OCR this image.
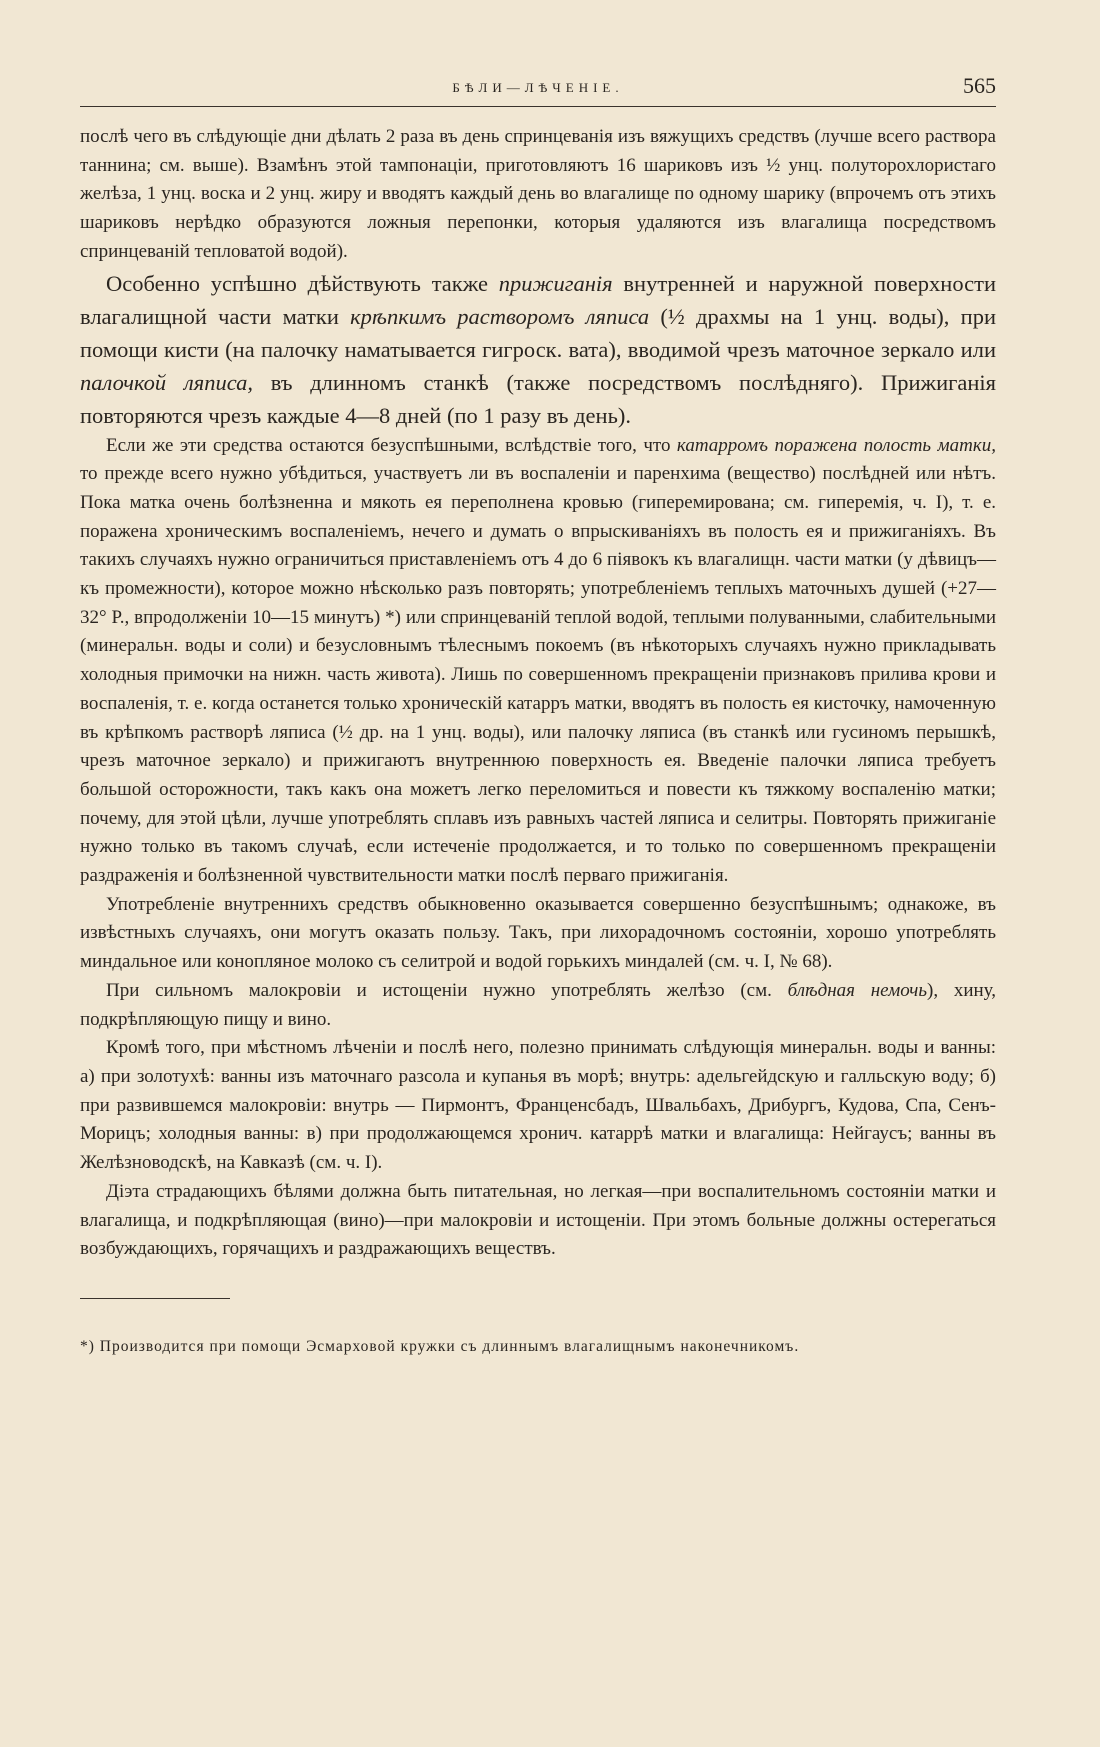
БѢЛИ—ЛѢЧЕНІЕ.	565

послѣ чего въ слѣдующіе дни дѣлать 2 раза въ день спринцеванія изъ вяжущихъ средствъ (лучше всего раствора таннина; см. выше). Взамѣнъ этой тампонаціи, приготовляютъ 16 шариковъ изъ ½ унц. полуторохлористаго желѣза, 1 унц. воска и 2 унц. жиру и вводятъ каждый день во влагалище по одному шарику (впрочемъ отъ этихъ шариковъ нерѣдко образуются ложныя перепонки, которыя удаляются изъ влагалища посредствомъ спринцеваній тепловатой водой).

Особенно успѣшно дѣйствують также прижиганія внутренней и наружной поверхности влагалищной части матки крѣпкимъ растворомъ ляписа (½ драхмы на 1 унц. воды), при помощи кисти (на палочку наматывается гигроск. вата), вводимой чрезъ маточное зеркало или палочкой ляписа, въ длинномъ станкѣ (также посредствомъ послѣдняго). Прижиганія повторяются чрезъ каждые 4—8 дней (по 1 разу въ день).

Если же эти средства остаются безуспѣшными, вслѣдствіе того, что катарромъ поражена полость матки, то прежде всего нужно убѣдиться, участвуетъ ли въ воспаленіи и паренхима (вещество) послѣдней или нѣтъ. Пока матка очень болѣзненна и мякоть ея переполнена кровью (гиперемирована; см. гиперемія, ч. I), т. е. поражена хроническимъ воспаленіемъ, нечего и думать о впрыскиваніяхъ въ полость ея и прижиганіяхъ. Въ такихъ случаяхъ нужно ограничиться приставленіемъ отъ 4 до 6 піявокъ къ влагалищн. части матки (у дѣвицъ—къ промежности), которое можно нѣсколько разъ повторять; употребленіемъ теплыхъ маточныхъ душей (+27—32° Р., впродолженіи 10—15 минутъ) *) или спринцеваній теплой водой, теплыми полуванными, слабительными (минеральн. воды и соли) и безусловнымъ тѣлеснымъ покоемъ (въ нѣкоторыхъ случаяхъ нужно прикладывать холодныя примочки на нижн. часть живота). Лишь по совершенномъ прекращеніи признаковъ прилива крови и воспаленія, т. е. когда останется только хроническій катарръ матки, вводятъ въ полость ея кисточку, намоченную въ крѣпкомъ растворѣ ляписа (½ др. на 1 унц. воды), или палочку ляписа (въ станкѣ или гусиномъ перышкѣ, чрезъ маточное зеркало) и прижигаютъ внутреннюю поверхность ея. Введеніе палочки ляписа требуетъ большой осторожности, такъ какъ она можетъ легко переломиться и повести къ тяжкому воспаленію матки; почему, для этой цѣли, лучше употреблять сплавъ изъ равныхъ частей ляписа и селитры. Повторять прижиганіе нужно только въ такомъ случаѣ, если истеченіе продолжается, и то только по совершенномъ прекращеніи раздраженія и болѣзненной чувствительности матки послѣ перваго прижиганія.

Употребленіе внутреннихъ средствъ обыкновенно оказывается совершенно безуспѣшнымъ; однакоже, въ извѣстныхъ случаяхъ, они могутъ оказать пользу. Такъ, при лихорадочномъ состояніи, хорошо употреблять миндальное или конопляное молоко съ селитрой и водой горькихъ миндалей (см. ч. I, № 68).

При сильномъ малокровіи и истощеніи нужно употреблять желѣзо (см. блѣдная немочь), хину, подкрѣпляющую пищу и вино.

Кромѣ того, при мѣстномъ лѣченіи и послѣ него, полезно принимать слѣдующія минеральн. воды и ванны: а) при золотухѣ: ванны изъ маточнаго разсола и купанья въ морѣ; внутрь: адельгейдскую и галльскую воду; б) при развившемся малокровіи: внутрь — Пирмонтъ, Франценсбадъ, Швальбахъ, Дрибургъ, Кудова, Спа, Сенъ-Морицъ; холодныя ванны: в) при продолжающемся хронич. катаррѣ матки и влагалища: Нейгаусъ; ванны въ Желѣзноводскѣ, на Кавказѣ (см. ч. I).

Діэта страдающихъ бѣлями должна быть питательная, но легкая—при воспалительномъ состояніи матки и влагалища, и подкрѣпляющая (вино)—при малокровіи и истощеніи. При этомъ больные должны остерегаться возбуждающихъ, горячащихъ и раздражающихъ веществъ.

*) Производится при помощи Эсмарховой кружки съ длиннымъ влагалищнымъ наконечникомъ.
